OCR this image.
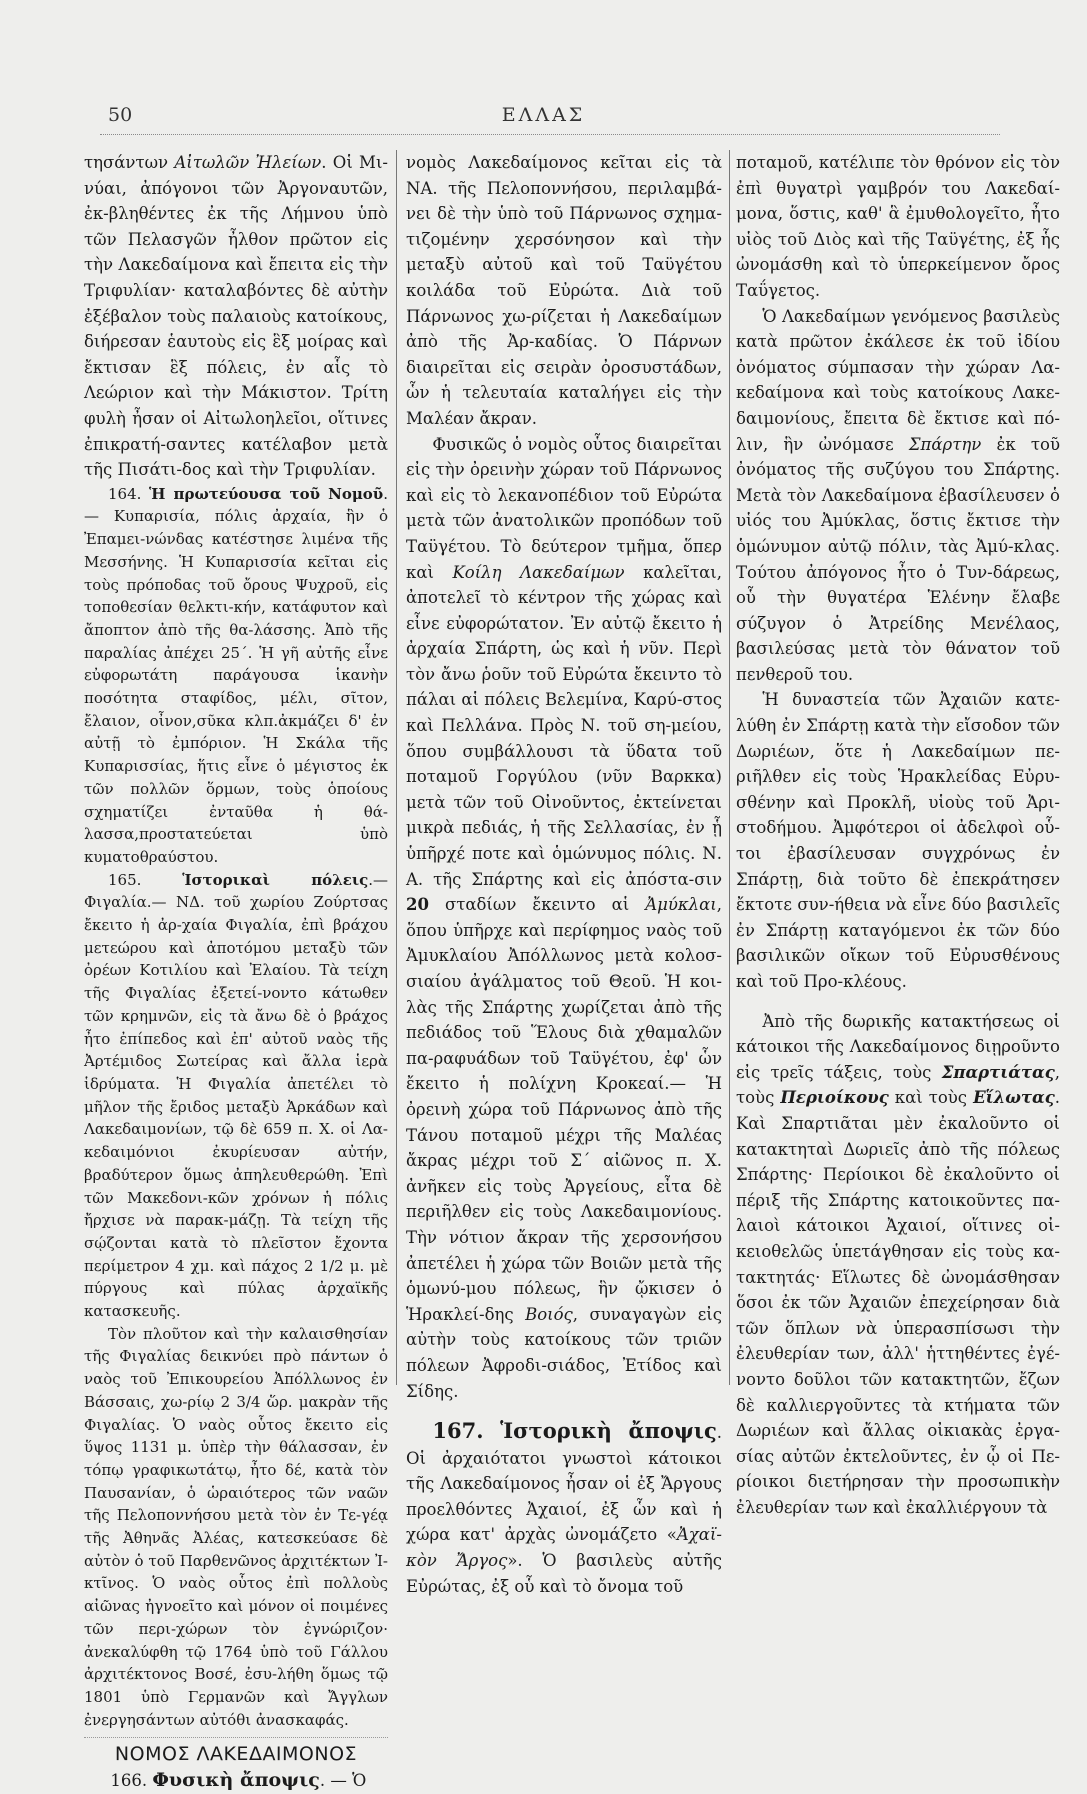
50	ΕΛΛΑΣ

τησάντων Αἰτωλῶν Ἠλείων. Οἱ Μι-νύαι, ἀπόγονοι τῶν Ἀργοναυτῶν, ἐκ-βληθέντες ἐκ τῆς Λήμνου ὑπὸ τῶν Πελασγῶν ἦλθον πρῶτον εἰς τὴν Λακεδαίμονα καὶ ἔπειτα εἰς τὴν Τριφυλίαν· καταλαβόντες δὲ αὐτὴν ἐξέβαλον τοὺς παλαιοὺς κατοίκους, διήρεσαν ἑαυτοὺς εἰς ἓξ μοίρας καὶ ἔκτισαν ἓξ πόλεις, ἐν αἷς τὸ Λεώριον καὶ τὴν Μάκιστον. Τρίτη φυλὴ ἦσαν οἱ Αἰτωλοηλεῖοι, οἵτινες ἐπικρατή-σαντες κατέλαβον μετὰ τῆς Πισάτι-δος καὶ τὴν Τριφυλίαν.

164. Ἡ πρωτεύουσα τοῦ Νομοῦ.— Κυπαρισία, πόλις ἀρχαία, ἣν ὁ Ἐπαμει-νώνδας κατέστησε λιμένα τῆς Μεσσήνης. Ἡ Κυπαρισσία κεῖται εἰς τοὺς πρόποδας τοῦ ὄρους Ψυχροῦ, εἰς τοποθεσίαν θελκτι-κήν, κατάφυτον καὶ ἄποπτον ἀπὸ τῆς θα-λάσσης. Ἀπὸ τῆς παραλίας ἀπέχει 25΄. Ἡ γῆ αὐτῆς εἶνε εὐφορωτάτη παράγουσα ἱκανὴν ποσότητα σταφίδος, μέλι, σῖτον, ἔλαιον, οἶνον,σῦκα κλπ.ἀκμάζει δ' ἐν αὐτῇ τὸ ἐμπόριον. Ἡ Σκάλα τῆς Κυπαρισσίας, ἥτις εἶνε ὁ μέγιστος ἐκ τῶν πολλῶν ὅρμων, τοὺς ὁποίους σχηματίζει ἐνταῦθα ἡ θά-λασσα,προστατεύεται ὑπὸ κυματοθραύστου.

165. Ἱστορικαὶ πόλεις.— Φιγαλία.— ΝΔ. τοῦ χωρίου Ζούρτσας ἔκειτο ἡ ἀρ-χαία Φιγαλία, ἐπὶ βράχου μετεώρου καὶ ἀποτόμου μεταξὺ τῶν ὀρέων Κοτιλίου καὶ Ἐλαίου. Τὰ τείχη τῆς Φιγαλίας ἐξετεί-νοντο κάτωθεν τῶν κρημνῶν, εἰς τὰ ἄνω δὲ ὁ βράχος ἦτο ἐπίπεδος καὶ ἐπ' αὐτοῦ ναὸς τῆς Ἀρτέμιδος Σωτείρας καὶ ἄλλα ἱερὰ ἱδρύματα. Ἡ Φιγαλία ἀπετέλει τὸ μῆλον τῆς ἔριδος μεταξὺ Ἀρκάδων καὶ Λακεδαιμονίων, τῷ δὲ 659 π. Χ. οἱ Λα-κεδαιμόνιοι ἐκυρίευσαν αὐτήν, βραδύτερον ὅμως ἀπηλευθερώθη. Ἐπὶ τῶν Μακεδονι-κῶν χρόνων ἡ πόλις ἤρχισε νὰ παρακ-μάζῃ. Τὰ τείχη τῆς σῴζονται κατὰ τὸ πλεῖστον ἔχοντα περίμετρον 4 χμ. καὶ πάχος 2 1/2 μ. μὲ πύργους καὶ πύλας ἀρχαϊκῆς κατασκευῆς.

Τὸν πλοῦτον καὶ τὴν καλαισθησίαν τῆς Φιγαλίας δεικνύει πρὸ πάντων ὁ ναὸς τοῦ Ἐπικουρείου Ἀπόλλωνος ἐν Βάσσαις, χω-ρίῳ 2 3/4 ὥρ. μακρὰν τῆς Φιγαλίας. Ὁ ναὸς οὗτος ἔκειτο εἰς ὕψος 1131 μ. ὑπὲρ τὴν θάλασσαν, ἐν τόπῳ γραφικωτάτῳ, ἦτο δέ, κατὰ τὸν Παυσανίαν, ὁ ὡραιότερος τῶν ναῶν τῆς Πελοποννήσου μετὰ τὸν ἐν Τε-γέᾳ τῆς Ἀθηνᾶς Ἀλέας, κατεσκεύασε δὲ αὐτὸν ὁ τοῦ Παρθενῶνος ἀρχιτέκτων Ἰ-κτῖνος. Ὁ ναὸς οὗτος ἐπὶ πολλοὺς αἰῶνας ἠγνοεῖτο καὶ μόνον οἱ ποιμένες τῶν περι-χώρων τὸν ἐγνώριζον· ἀνεκαλύφθη τῷ 1764 ὑπὸ τοῦ Γάλλου ἀρχιτέκτονος Βοσέ, ἐσυ-λήθη ὅμως τῷ 1801 ὑπὸ Γερμανῶν καὶ Ἄγγλων ἐνεργησάντων αὐτόθι ἀνασκαφάς.

ΝΟΜΟΣ ΛΑΚΕΔΑΙΜΟΝΟΣ

166. Φυσικὴ ἄποψις. — Ὁ

νομὸς Λακεδαίμονος κεῖται εἰς τὰ ΝΑ. τῆς Πελοποννήσου, περιλαμβά-νει δὲ τὴν ὑπὸ τοῦ Πάρνωνος σχημα-τιζομένην χερσόνησον καὶ τὴν μεταξὺ αὐτοῦ καὶ τοῦ Ταϋγέτου κοιλάδα τοῦ Εὐρώτα. Διὰ τοῦ Πάρνωνος χω-ρίζεται ἡ Λακεδαίμων ἀπὸ τῆς Ἀρ-καδίας. Ὁ Πάρνων διαιρεῖται εἰς σειρὰν ὀροσυστάδων, ὧν ἡ τελευταία καταλήγει εἰς τὴν Μαλέαν ἄκραν.

Φυσικῶς ὁ νομὸς οὗτος διαιρεῖται εἰς τὴν ὀρεινὴν χώραν τοῦ Πάρνωνος καὶ εἰς τὸ λεκανοπέδιον τοῦ Εὐρώτα μετὰ τῶν ἀνατολικῶν προπόδων τοῦ Ταϋγέτου. Τὸ δεύτερον τμῆμα, ὅπερ καὶ Κοίλη Λακεδαίμων καλεῖται, ἀποτελεῖ τὸ κέντρον τῆς χώρας καὶ εἶνε εὐφορώτατον. Ἐν αὐτῷ ἔκειτο ἡ ἀρχαία Σπάρτη, ὡς καὶ ἡ νῦν. Περὶ τὸν ἄνω ῥοῦν τοῦ Εὐρώτα ἔκειντο τὸ πάλαι αἱ πόλεις Βελεμίνα, Καρύ-στος καὶ Πελλάνα. Πρὸς Ν. τοῦ ση-μείου, ὅπου συμβάλλουσι τὰ ὕδατα τοῦ ποταμοῦ Γοργύλου (νῦν Βαρκκα) μετὰ τῶν τοῦ Οἰνοῦντος, ἐκτείνεται μικρὰ πεδιάς, ἡ τῆς Σελλασίας, ἐν ᾗ ὑπῆρχέ ποτε καὶ ὁμώνυμος πόλις. Ν. Α. τῆς Σπάρτης καὶ εἰς ἀπόστα-σιν 20 σταδίων ἔκειντο αἱ Ἀμύκλαι, ὅπου ὑπῆρχε καὶ περίφημος ναὸς τοῦ Ἀμυκλαίου Ἀπόλλωνος μετὰ κολοσ-σιαίου ἀγάλματος τοῦ Θεοῦ. Ἡ κοι-λὰς τῆς Σπάρτης χωρίζεται ἀπὸ τῆς πεδιάδος τοῦ Ἕλους διὰ χθαμαλῶν πα-ραφυάδων τοῦ Ταϋγέτου, ἐφ' ὧν ἔκειτο ἡ πολίχνη Κροκεαί.— Ἡ ὀρεινὴ χώρα τοῦ Πάρνωνος ἀπὸ τῆς Τάνου ποταμοῦ μέχρι τῆς Μαλέας ἄκρας μέχρι τοῦ Σ΄ αἰῶνος π. Χ. ἀνῆκεν εἰς τοὺς Ἀργείους, εἶτα δὲ περιῆλθεν εἰς τοὺς Λακεδαιμονίους. Τὴν νότιον ἄκραν τῆς χερσονήσου ἀπετέλει ἡ χώρα τῶν Βοιῶν μετὰ τῆς ὁμωνύ-μου πόλεως, ἣν ᾤκισεν ὁ Ἡρακλεί-δης Βοιός, συναγαγὼν εἰς αὐτὴν τοὺς κατοίκους τῶν τριῶν πόλεων Ἀφροδι-σιάδος, Ἐτίδος καὶ Σίδης.

167. Ἱστορικὴ ἄποψις. Οἱ ἀρχαιότατοι γνωστοὶ κάτοικοι τῆς Λακεδαίμονος ἦσαν οἱ ἐξ Ἄργους προελθόντες Ἀχαιοί, ἐξ ὧν καὶ ἡ χώρα κατ' ἀρχὰς ὠνομάζετο «Ἀχαϊ-κὸν Ἄργος». Ὁ βασιλεὺς αὐτῆς Εὐρώτας, ἐξ οὗ καὶ τὸ ὄνομα τοῦ

ποταμοῦ, κατέλιπε τὸν θρόνον εἰς τὸν ἐπὶ θυγατρὶ γαμβρόν του Λακεδαί-μονα, ὅστις, καθ' ἃ ἐμυθολογεῖτο, ἦτο υἱὸς τοῦ Διὸς καὶ τῆς Ταϋγέτης, ἐξ ἧς ὠνομάσθη καὶ τὸ ὑπερκείμενον ὄρος Ταΰγετος.

Ὁ Λακεδαίμων γενόμενος βασιλεὺς κατὰ πρῶτον ἐκάλεσε ἐκ τοῦ ἰδίου ὀνόματος σύμπασαν τὴν χώραν Λα-κεδαίμονα καὶ τοὺς κατοίκους Λακε-δαιμονίους, ἔπειτα δὲ ἔκτισε καὶ πό-λιν, ἣν ὠνόμασε Σπάρτην ἐκ τοῦ ὀνόματος τῆς συζύγου του Σπάρτης. Μετὰ τὸν Λακεδαίμονα ἐβασίλευσεν ὁ υἱός του Ἀμύκλας, ὅστις ἔκτισε τὴν ὁμώνυμον αὐτῷ πόλιν, τὰς Ἀμύ-κλας. Τούτου ἀπόγονος ἦτο ὁ Τυν-δάρεως, οὗ τὴν θυγατέρα Ἑλένην ἔλαβε σύζυγον ὁ Ἀτρείδης Μενέλαος, βασιλεύσας μετὰ τὸν θάνατον τοῦ πενθεροῦ του.

Ἡ δυναστεία τῶν Ἀχαιῶν κατε-λύθη ἐν Σπάρτῃ κατὰ τὴν εἴσοδον τῶν Δωριέων, ὅτε ἡ Λακεδαίμων πε-ριῆλθεν εἰς τοὺς Ἡρακλείδας Εὐρυ-σθένην καὶ Προκλῆ, υἱοὺς τοῦ Ἀρι-στοδήμου. Ἀμφότεροι οἱ ἀδελφοὶ οὗ-τοι ἐβασίλευσαν συγχρόνως ἐν Σπάρτῃ, διὰ τοῦτο δὲ ἐπεκράτησεν ἔκτοτε συν-ήθεια νὰ εἶνε δύο βασιλεῖς ἐν Σπάρτῃ καταγόμενοι ἐκ τῶν δύο βασιλικῶν οἴκων τοῦ Εὐρυσθένους καὶ τοῦ Προ-κλέους.

Ἀπὸ τῆς δωρικῆς κατακτήσεως οἱ κάτοικοι τῆς Λακεδαίμονος διῃροῦντο εἰς τρεῖς τάξεις, τοὺς Σπαρτιάτας, τοὺς Περιοίκους καὶ τοὺς Εἵλωτας. Καὶ Σπαρτιᾶται μὲν ἐκαλοῦντο οἱ κατακτηταὶ Δωριεῖς ἀπὸ τῆς πόλεως Σπάρτης· Περίοικοι δὲ ἐκαλοῦντο οἱ πέριξ τῆς Σπάρτης κατοικοῦντες πα-λαιοὶ κάτοικοι Ἀχαιοί, οἵτινες οἰ-κειοθελῶς ὑπετάγθησαν εἰς τοὺς κα-τακτητάς· Εἵλωτες δὲ ὠνομάσθησαν ὅσοι ἐκ τῶν Ἀχαιῶν ἐπεχείρησαν διὰ τῶν ὅπλων νὰ ὑπερασπίσωσι τὴν ἐλευθερίαν των, ἀλλ' ἡττηθέντες ἐγέ-νοντο δοῦλοι τῶν κατακτητῶν, ἔζων δὲ καλλιεργοῦντες τὰ κτήματα τῶν Δωριέων καὶ ἄλλας οἰκιακὰς ἐργα-σίας αὐτῶν ἐκτελοῦντες, ἐν ᾧ οἱ Πε-ρίοικοι διετήρησαν τὴν προσωπικὴν ἐλευθερίαν των καὶ ἐκαλλιέργουν τὰ
